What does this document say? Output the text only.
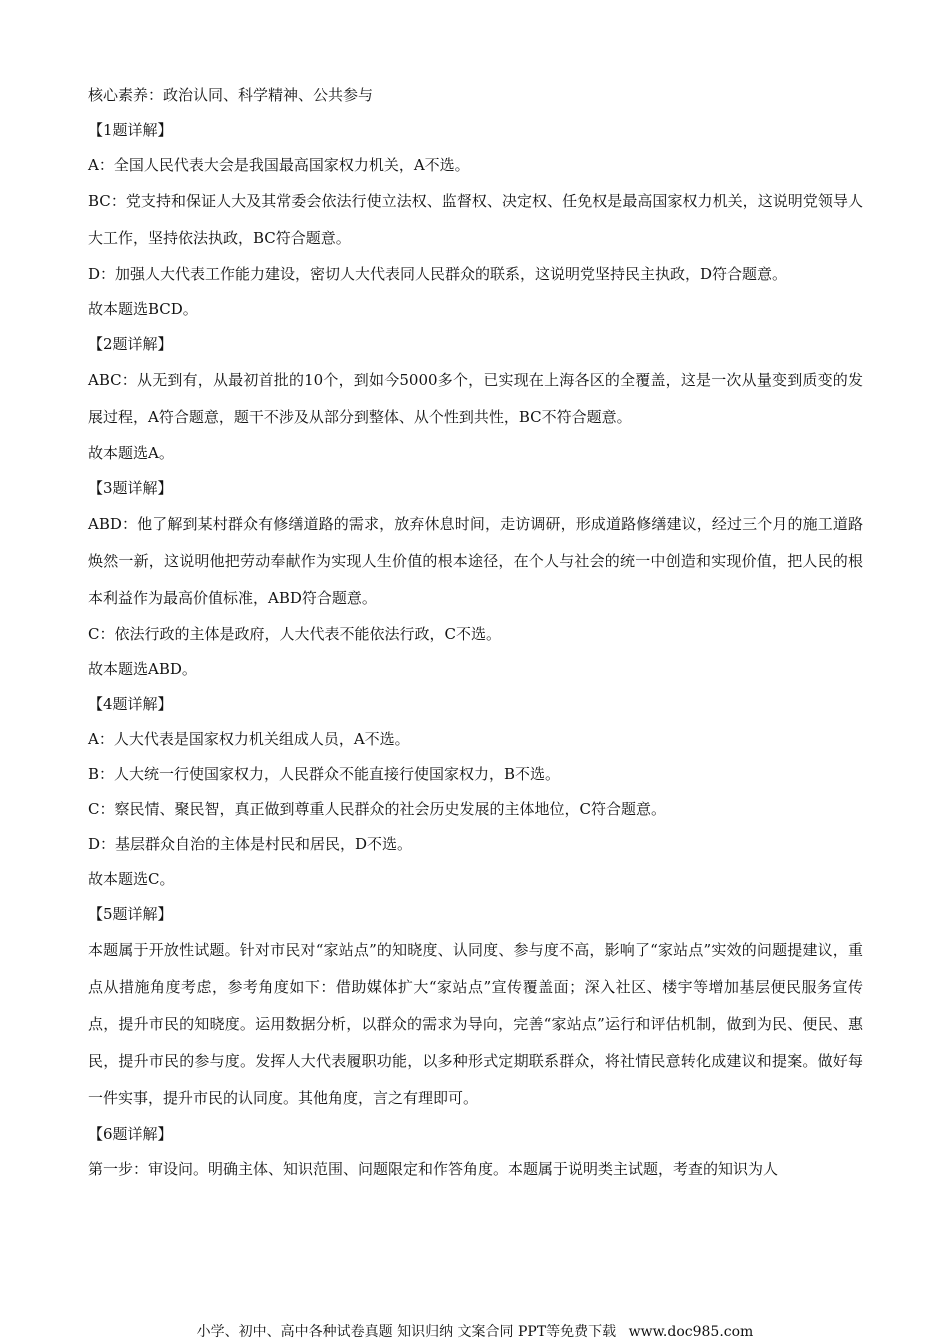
核心素养：政治认同、科学精神、公共参与

【1题详解】

A：全国人民代表大会是我国最高国家权力机关，A不选。

BC：党支持和保证人大及其常委会依法行使立法权、监督权、决定权、任免权是最高国家权力机关，这说明党领导人大工作，坚持依法执政，BC符合题意。

D：加强人大代表工作能力建设，密切人大代表同人民群众的联系，这说明党坚持民主执政，D符合题意。

故本题选BCD。

【2题详解】

ABC：从无到有，从最初首批的10个，到如今5000多个，已实现在上海各区的全覆盖，这是一次从量变到质变的发展过程，A符合题意，题干不涉及从部分到整体、从个性到共性，BC不符合题意。

故本题选A。

【3题详解】

ABD：他了解到某村群众有修缮道路的需求，放弃休息时间，走访调研，形成道路修缮建议，经过三个月的施工道路焕然一新，这说明他把劳动奉献作为实现人生价值的根本途径，在个人与社会的统一中创造和实现价值，把人民的根本利益作为最高价值标准，ABD符合题意。

C：依法行政的主体是政府，人大代表不能依法行政，C不选。

故本题选ABD。

【4题详解】

A：人大代表是国家权力机关组成人员，A不选。

B：人大统一行使国家权力，人民群众不能直接行使国家权力，B不选。

C：察民情、聚民智，真正做到尊重人民群众的社会历史发展的主体地位，C符合题意。

D：基层群众自治的主体是村民和居民，D不选。

故本题选C。

【5题详解】

本题属于开放性试题。针对市民对“家站点”的知晓度、认同度、参与度不高，影响了“家站点”实效的问题提建议，重点从措施角度考虑，参考角度如下：借助媒体扩大“家站点”宣传覆盖面；深入社区、楼宇等增加基层便民服务宣传点，提升市民的知晓度。运用数据分析，以群众的需求为导向，完善“家站点”运行和评估机制，做到为民、便民、惠民，提升市民的参与度。发挥人大代表履职功能，以多种形式定期联系群众，将社情民意转化成建议和提案。做好每一件实事，提升市民的认同度。其他角度，言之有理即可。

【6题详解】

第一步：审设问。明确主体、知识范围、问题限定和作答角度。本题属于说明类主试题，考查的知识为人

小学、初中、高中各种试卷真题 知识归纳 文案合同 PPT等免费下载 www.doc985.com
